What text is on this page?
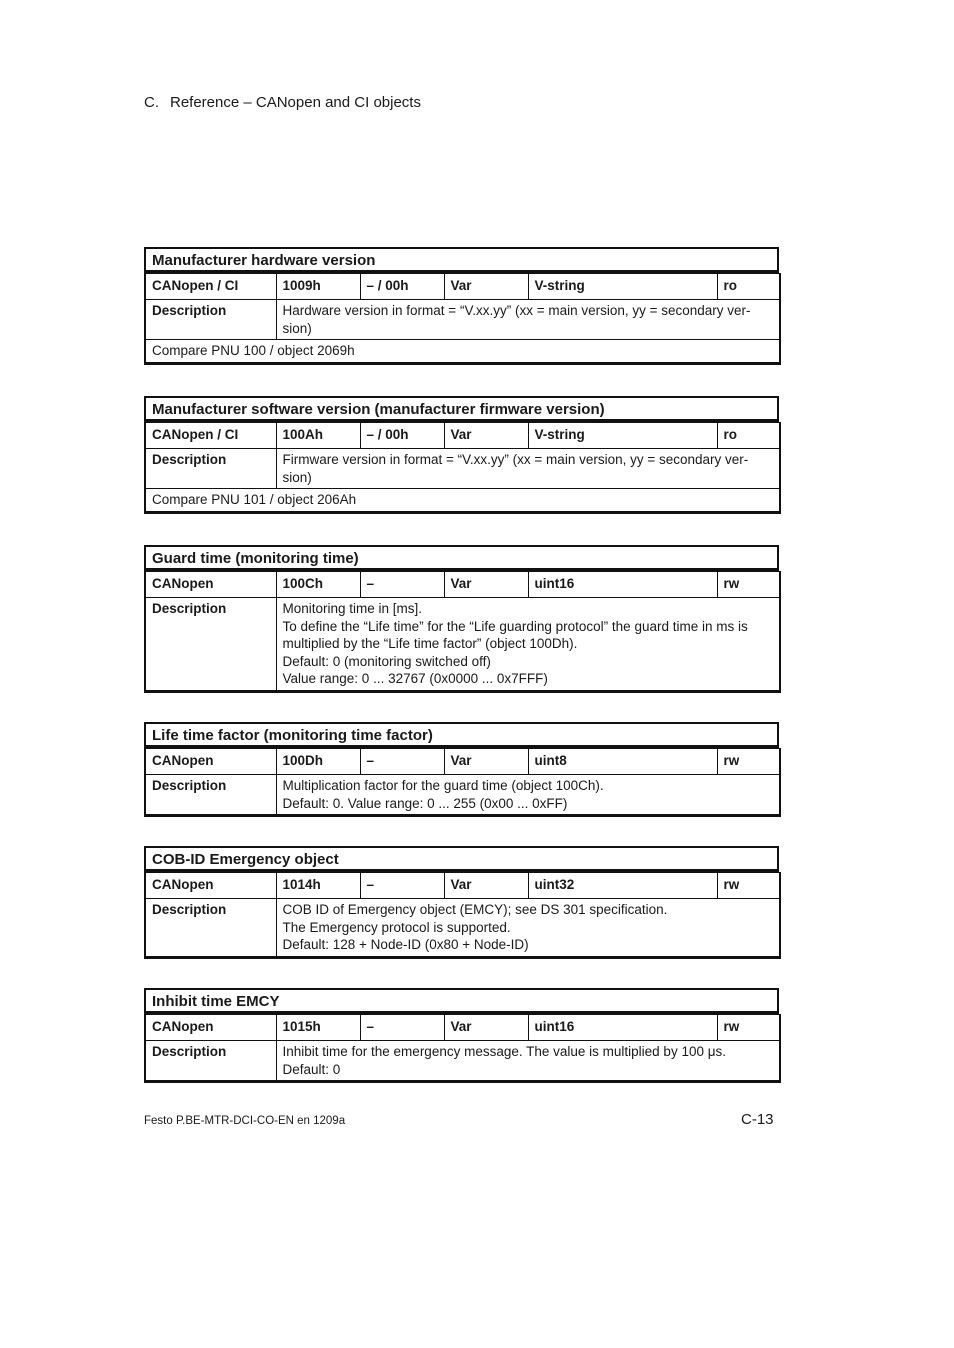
C. Reference – CANopen and CI objects
Manufacturer hardware version
CANopen / CI	1009h	– / 00h	Var	V-string	ro
Description	Hardware version in format = “V.xx.yy” (xx = main version, yy = secondary ver-
sion)				

Compare PNU 100 / object 2069h					
Manufacturer software version (manufacturer firmware version)
CANopen / CI	100Ah	– / 00h	Var	V-string	ro
Description	Firmware version in format = “V.xx.yy” (xx = main version, yy = secondary ver-
sion)				

Compare PNU 101 / object 206Ah					
Guard time (monitoring time)
CANopen	100Ch	–	Var	uint16	rw
Description	Monitoring time in [ms].
To define the “Life time” for the “Life guarding protocol” the guard time in ms is
multiplied by the “Life time factor” (object 100Dh).
Default: 0 (monitoring switched off)
Value range: 0 ... 32767 (0x0000 ... 0x7FFF)				
Life time factor (monitoring time factor)
CANopen	100Dh	–	Var	uint8	rw
Description	Multiplication factor for the guard time (object 100Ch).
Default: 0. Value range: 0 ... 255 (0x00 ... 0xFF)				
COB-ID Emergency object
CANopen	1014h	–	Var	uint32	rw
Description	COB ID of Emergency object (EMCY); see DS 301 specification.
The Emergency protocol is supported.
Default: 128 + Node-ID (0x80 + Node-ID)				
Inhibit time EMCY
CANopen	1015h	–	Var	uint16	rw
Description	Inhibit time for the emergency message. The value is multiplied by 100 μs.
Default: 0				
Festo P.BE-MTR-DCI-CO-EN en 1209a	C-13
